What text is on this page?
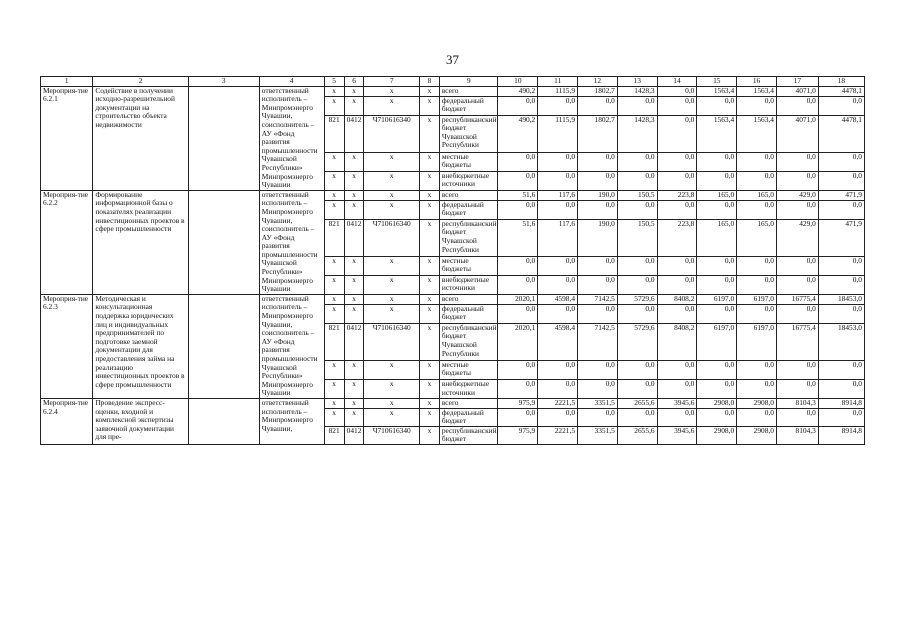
37
1	2	3	4	5	6	7	8	9	10	11	12	13	14	15	16	17	18
Мероприя-тие 6.2.1	Содействие в получении исходно-разрешительной документации на строительство объекта недвижимости		ответственный исполнитель – Минпромэнерго Чувашии, соисполнитель – АУ «Фонд развития промышленности Чувашской Республики» Минпромэнерго Чувашии	х	х	х	х	всего	490,2	1115,9	1802,7	1428,3	0,0	1563,4	1563,4	4071,0	4478,1
				х	х	х	х	федеральный бюджет	0,0	0,0	0,0	0,0	0,0	0,0	0,0	0,0	0,0
				821	0412	Ч710616340	х	республиканский бюджет Чувашской Республики	490,2	1115,9	1802,7	1428,3	0,0	1563,4	1563,4	4071,0	4478,1
				х	х	х	х	местные бюджеты	0,0	0,0	0,0	0,0	0,0	0,0	0,0	0,0	0,0
				х	х	х	х	внебюджетные источники	0,0	0,0	0,0	0,0	0,0	0,0	0,0	0,0	0,0
Мероприя-тие 6.2.2	Формирование информационной базы о показателях реализации инвестиционных проектов в сфере промышленности		ответственный исполнитель – Минпромэнерго Чувашии, соисполнитель – АУ «Фонд развития промышленности Чувашской Республики» Минпромэнерго Чувашии	х	х	х	х	всего	51,6	117,6	190,0	150,5	223,8	165,0	165,0	429,0	471,9
				х	х	х	х	федеральный бюджет	0,0	0,0	0,0	0,0	0,0	0,0	0,0	0,0	0,0
				821	0412	Ч710616340	х	республиканский бюджет Чувашской Республики	51,6	117,6	190,0	150,5	223,8	165,0	165,0	429,0	471,9
				х	х	х	х	местные бюджеты	0,0	0,0	0,0	0,0	0,0	0,0	0,0	0,0	0,0
				х	х	х	х	внебюджетные источники	0,0	0,0	0,0	0,0	0,0	0,0	0,0	0,0	0,0
Мероприя-тие 6.2.3	Методическая и консультационная поддержка юридических лиц и индивидуальных предпринимателей по подготовке заемной документации для предоставления займа на реализацию инвестиционных проектов в сфере промышленности		ответственный исполнитель – Минпромэнерго Чувашии, соисполнитель – АУ «Фонд развития промышленности Чувашской Республики» Минпромэнерго Чувашии	х	х	х	х	всего	2020,1	4598,4	7142,5	5729,6	8408,2	6197,0	6197,0	16775,4	18453,0
				х	х	х	х	федеральный бюджет	0,0	0,0	0,0	0,0	0,0	0,0	0,0	0,0	0,0
				821	0412	Ч710616340	х	республиканский бюджет Чувашской Республики	2020,1	4598,4	7142,5	5729,6	8408,2	6197,0	6197,0	16775,4	18453,0
				х	х	х	х	местные бюджеты	0,0	0,0	0,0	0,0	0,0	0,0	0,0	0,0	0,0
				х	х	х	х	внебюджетные источники	0,0	0,0	0,0	0,0	0,0	0,0	0,0	0,0	0,0
Мероприя-тие 6.2.4	Проведение экспресс-оценки, входной и комплексной экспертизы заявочной документации для пре-		ответственный исполнитель – Минпромэнерго Чувашии,	х	х	х	х	всего	975,9	2221,5	3351,5	2655,6	3945,6	2908,0	2908,0	8104,3	8914,8
				х	х	х	х	федеральный бюджет	0,0	0,0	0,0	0,0	0,0	0,0	0,0	0,0	0,0
				821	0412	Ч710616340	х	республиканский бюджет	975,9	2221,5	3351,5	2655,6	3945,6	2908,0	2908,0	8104,3	8914,8
